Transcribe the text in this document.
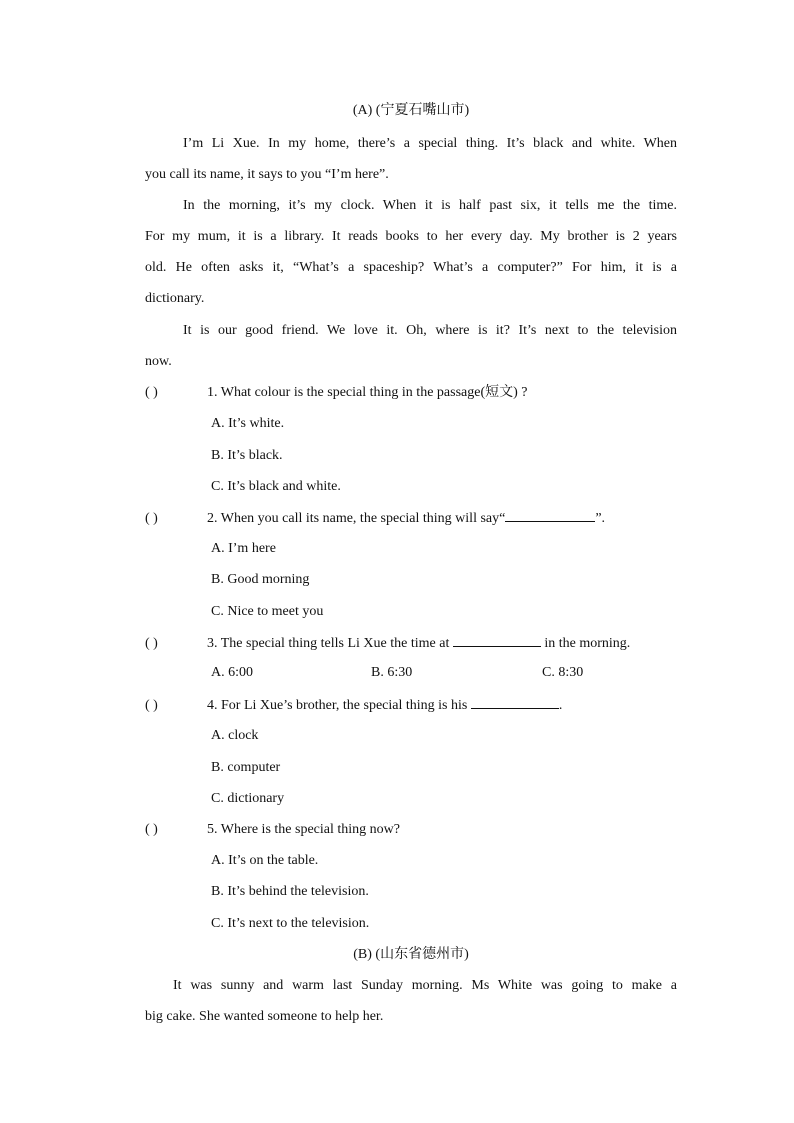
(A) (宁夏石嘴山市)
I’m Li Xue. In my home, there’s a special thing. It’s black and white. When
you call its name, it says to you “I’m here”.
In the morning, it’s my clock. When it is half past six, it tells me the time.
For my mum, it is a library. It reads books to her every day. My brother is 2 years
old. He often asks it, “What’s a spaceship? What’s a computer?” For him, it is a
dictionary.
It is our good friend. We love it. Oh, where is it? It’s next to the television
now.
( )	1. What colour is the special thing in the passage(短文) ?
A. It’s white.
B. It’s black.
C. It’s black and white.
( )	2. When you call its name, the special thing will say“	”.
A. I’m here
B. Good morning
C. Nice to meet you
( )	3. The special thing tells Li Xue the time at	in the morning.
A. 6:00	B. 6:30	C. 8:30
( )	4. For Li Xue’s brother, the special thing is his	.
A. clock
B. computer
C. dictionary
( )	5. Where is the special thing now?
A. It’s on the table.
B. It’s behind the television.
C. It’s next to the television.
(B) (山东省德州市)
It was sunny and warm last Sunday morning. Ms White was going to make a
big cake. She wanted someone to help her.
